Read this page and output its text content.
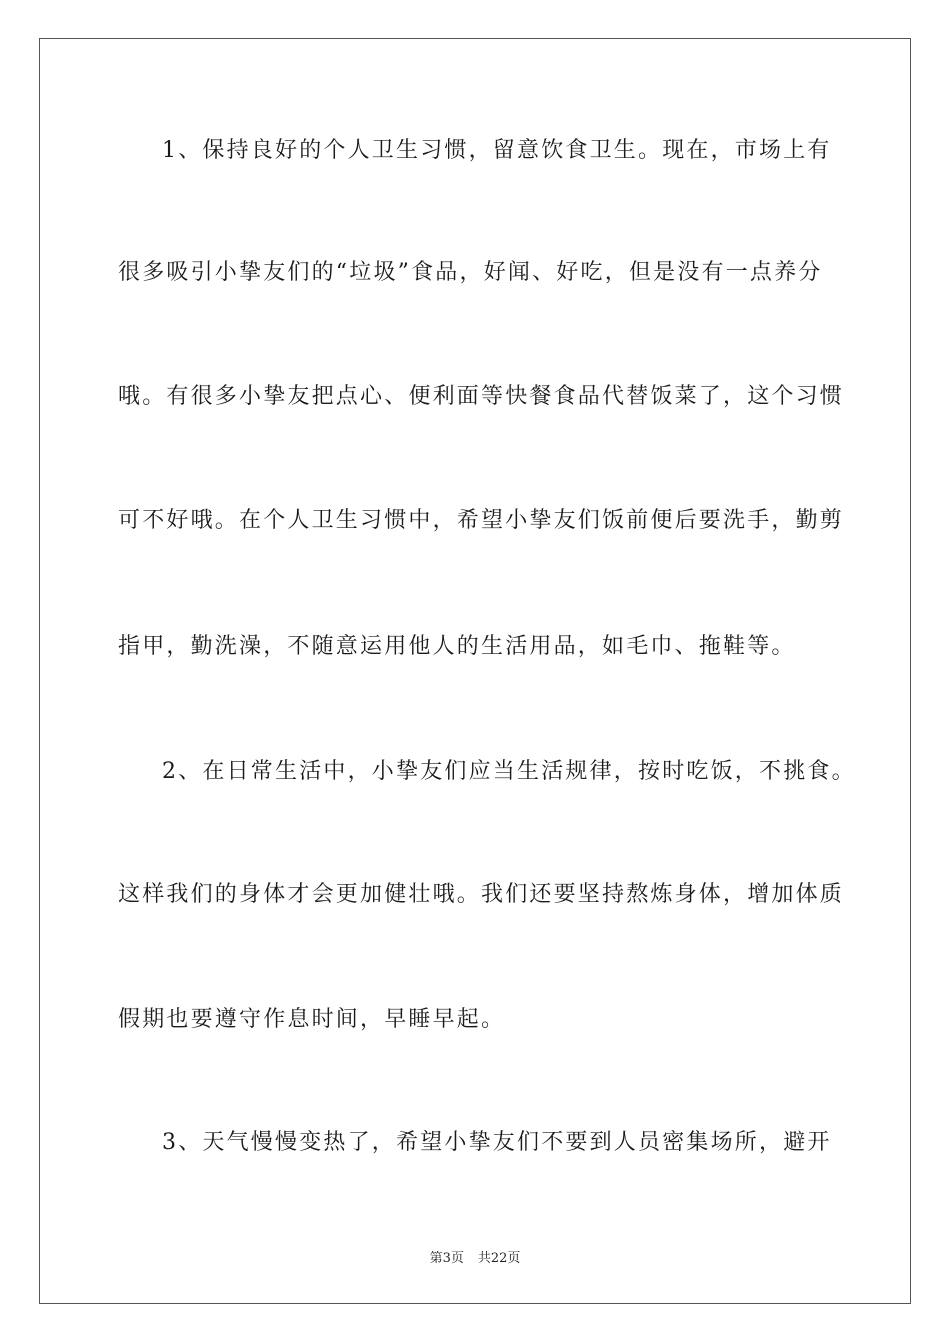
1、保持良好的个人卫生习惯，留意饮食卫生。现在，市场上有
很多吸引小挚友们的“垃圾”食品，好闻、好吃，但是没有一点养分
哦。有很多小挚友把点心、便利面等快餐食品代替饭菜了，这个习惯
可不好哦。在个人卫生习惯中，希望小挚友们饭前便后要洗手，勤剪
指甲，勤洗澡，不随意运用他人的生活用品，如毛巾、拖鞋等。
2、在日常生活中，小挚友们应当生活规律，按时吃饭，不挑食。
这样我们的身体才会更加健壮哦。我们还要坚持熬炼身体，增加体质
假期也要遵守作息时间，早睡早起。
3、天气慢慢变热了，希望小挚友们不要到人员密集场所，避开
第3页 共22页
